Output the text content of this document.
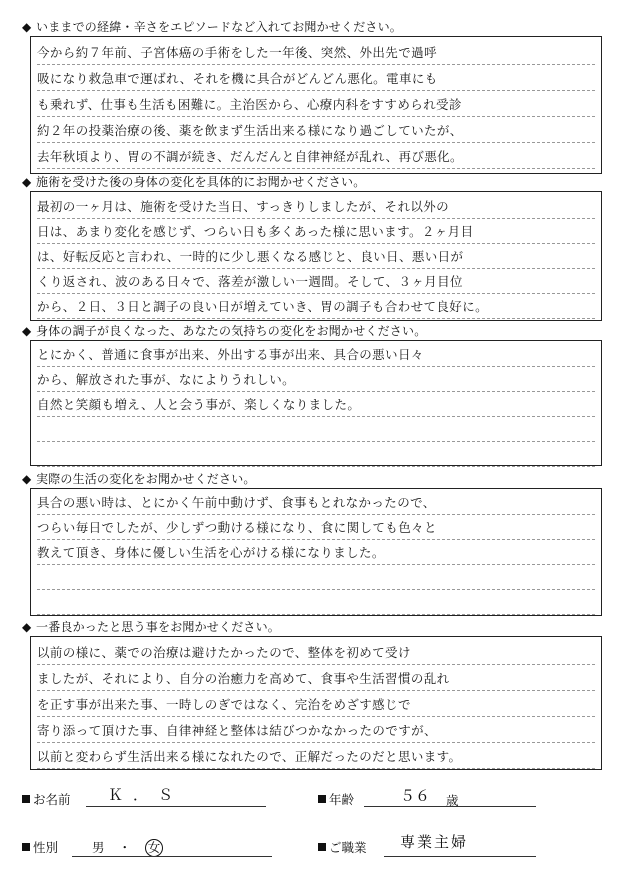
◆ いままでの経緯・辛さをエピソードなど入れてお聞かせください。
今から約７年前、子宮体癌の手術をした一年後、突然、外出先で過呼
吸になり救急車で運ばれ、それを機に具合がどんどん悪化。電車にも
も乗れず、仕事も生活も困難に。主治医から、心療内科をすすめられ受診
約２年の投薬治療の後、薬を飲まず生活出来る様になり過ごしていたが、
去年秋頃より、胃の不調が続き、だんだんと自律神経が乱れ、再び悪化。
◆ 施術を受けた後の身体の変化を具体的にお聞かせください。
最初の一ヶ月は、施術を受けた当日、すっきりしましたが、それ以外の
日は、あまり変化を感じず、つらい日も多くあった様に思います。２ヶ月目
は、好転反応と言われ、一時的に少し悪くなる感じと、良い日、悪い日が
くり返され、波のある日々で、落差が激しい一週間。そして、３ヶ月目位
から、２日、３日と調子の良い日が増えていき、胃の調子も合わせて良好に。
◆ 身体の調子が良くなった、あなたの気持ちの変化をお聞かせください。
とにかく、普通に食事が出来、外出する事が出来、具合の悪い日々
から、解放された事が、なによりうれしい。
自然と笑顔も増え、人と会う事が、楽しくなりました。
◆ 実際の生活の変化をお聞かせください。
具合の悪い時は、とにかく午前中動けず、食事もとれなかったので、
つらい毎日でしたが、少しずつ動ける様になり、食に関しても色々と
教えて頂き、身体に優しい生活を心がける様になりました。
◆ 一番良かったと思う事をお聞かせください。
以前の様に、薬での治療は避けたかったので、整体を初めて受け
ましたが、それにより、自分の治癒力を高めて、食事や生活習慣の乱れ
を正す事が出来た事、一時しのぎではなく、完治をめざす感じで
寄り添って頂けた事、自律神経と整体は結びつかなかったのですが、
以前と変わらず生活出来る様になれたので、正解だったのだと思います。
お名前 Ｋ．Ｓ	年齢	５６ 歳
性別	男 ・ 女	ご職業 専業主婦
